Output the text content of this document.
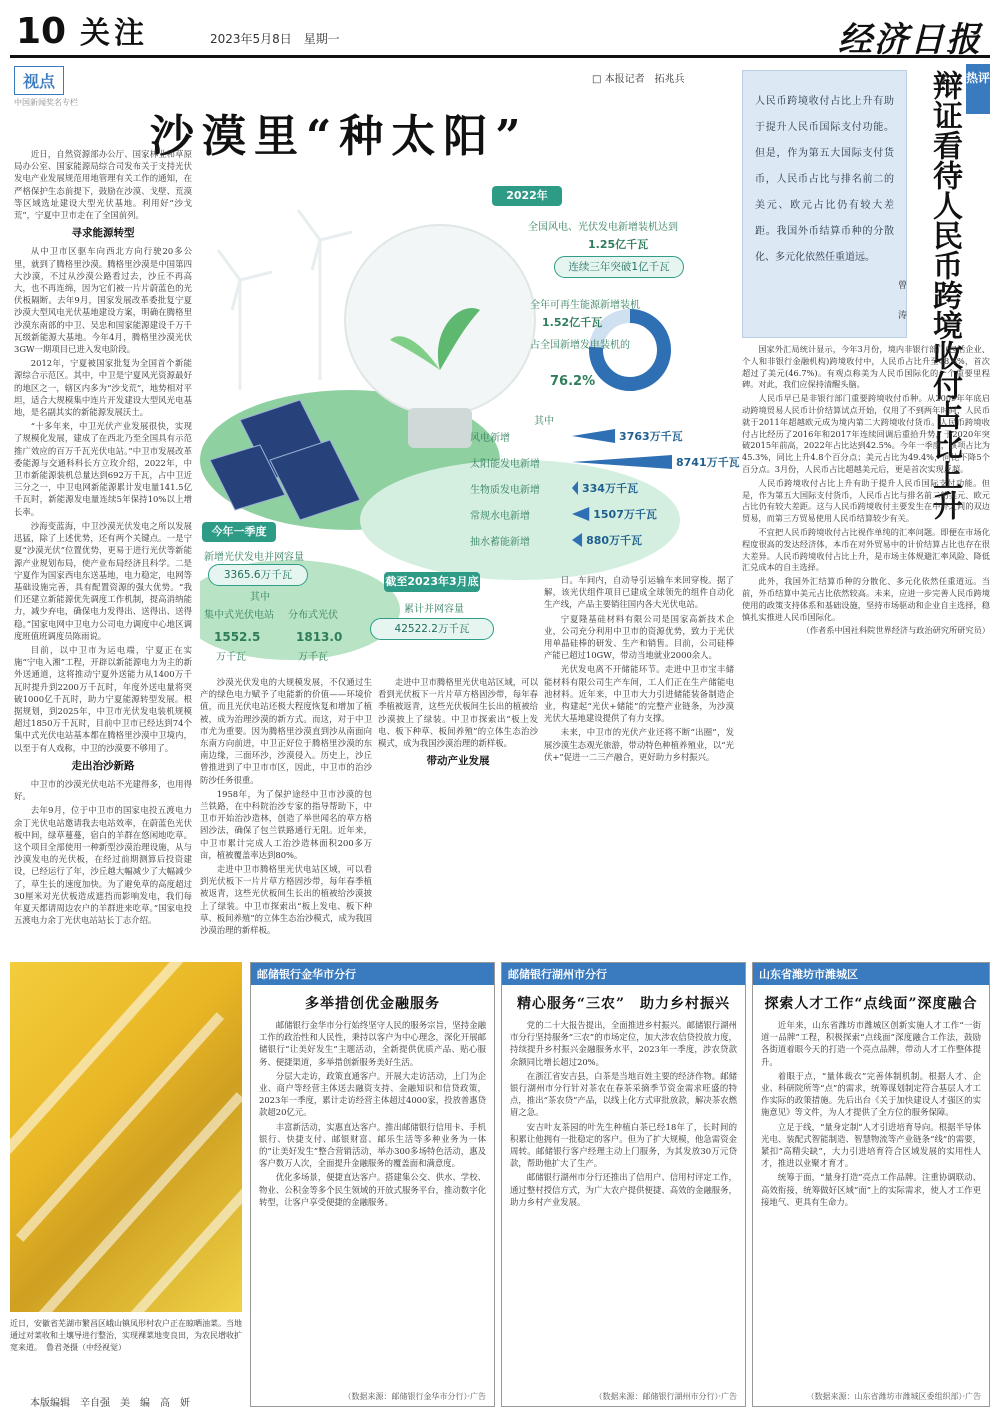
10 关注	2023年5月8日　星期一	经济日报
视点
中国新闻奖名专栏
□ 本报记者　拓兆兵
沙漠里“种太阳”

近日，自然资源部办公厅、国家林业和草原局办公室、国家能源局综合司发布关于支持光伏发电产业发展规范用地管理有关工作的通知，在严格保护生态前提下，鼓励在沙漠、戈壁、荒漠等区域选址建设大型光伏基地。利用好“沙戈荒”，宁夏中卫市走在了全国前列。

寻求能源转型

从中卫市区驱车向西北方向行驶20多公里，就到了腾格里沙漠。腾格里沙漠是中国第四大沙漠，不过从沙漠公路看过去，沙丘不再高大，也不再连绵，因为它们被一片片蔚蓝色的光伏板隔断。去年9月，国家发展改革委批复宁夏沙漠大型风电光伏基地建设方案，明确在腾格里沙漠东南部的中卫、吴忠和国家能源建设千万千瓦级新能源大基地。今年4月，腾格里沙漠光伏3GW一期项目已进入发电阶段。

2012年，宁夏被国家批复为全国首个新能源综合示范区。其中，中卫是宁夏风光资源最好的地区之一，辖区内多为“沙戈荒”，地势相对平坦，适合大规模集中连片开发建设大型风光电基地，是名副其实的新能源发展沃土。

“十多年来，中卫光伏产业发展很快，实现了规模化发展，建成了在西北乃至全国具有示范推广效应的百万千瓦光伏电站。”中卫市发展改革委能源与交通科科长方立玫介绍，2022年，中卫市新能源装机总量达到692万千瓦，占中卫近三分之一，中卫电网新能源累计发电量141.5亿千瓦时，新能源发电量连续5年保持10%以上增长率。

沙海变蓝海，中卫沙漠光伏发电之所以发展迅猛，除了上述优势，还有两个关键点。一是宁夏“沙漠光伏”位置优势，更易于进行光伏等新能源产业规划布局，使产业布局经济且科学。二是宁夏作为国家西电东送基地，电力稳定，电网等基础设施完善，具有配置资源的强大优势。“我们还建立新能源优先调度工作机制，提高消纳能力，减少弃电，确保电力发得出、送得出、送得稳。”国家电网中卫电力公司电力调度中心地区调度班值班调度员陈雨说。

目前，以中卫市为运电端，宁夏正在实施“宁电入湘”工程，开辟以新能源电力为主的新外送通道，这将推动宁夏外送能力从1400万千瓦时提升到2200万千瓦时，年度外送电量将突破1000亿千瓦时，助力宁夏能源转型发展。根据规划，到2025年，中卫市光伏发电装机规模超过1850万千瓦时，目前中卫市已经达到74个集中式光伏电站基本都在腾格里沙漠中卫境内，以至于有人戏称，中卫的沙漠要不够用了。

走出治沙新路

中卫市的沙漠光伏电站不光建得多，也用得好。

去年9月，位于中卫市的国家电投五渡电力余丁光伏电站邀请我去电站效率，在蔚蓝色光伏板中间，绿草蔓蔓，宿白的羊群在悠闲地吃草。这个项目全部使用一种新型沙漠治理设施，从与沙漠发电的光伏板，在经过前期测算后投资建设，已经运行了年，沙丘越大幅减少了大幅减少了，草生长的速度加快。为了避免草的高度超过30厘米对光伏板造成遮挡而影响发电，我们每年夏天都请周边农户的羊群进来吃草。”国家电投五渡电力余丁光伏电站站长丁志介绍。

2022年
全国风电、光伏发电新增装机达到
1.25亿千瓦
连续三年突破1亿千瓦
全年可再生能源新增装机
1.52亿千瓦
占全国新增发电装机的
76.2%
其中
风电新增	3763万千瓦
太阳能发电新增	8741万千瓦
生物质发电新增	334万千瓦
常规水电新增	1507万千瓦
抽水蓄能新增	880万千瓦
今年一季度
新增光伏发电并网容量
3365.6万千瓦
其中
集中式光伏电站 分布式光伏
1552.5	1813.0
万千瓦	万千瓦
截至2023年3月底
累计并网容量
42522.2万千瓦

沙漠光伏发电的大规模发展，不仅通过生产的绿色电力赋予了电能新的价值——环境价值，而且光伏电站还极大程度恢复和增加了植被，成为治理沙漠的新方式。而这，对于中卫市尤为重要。因为腾格里沙漠直到沙从南面向东南方向前进，中卫正好位于腾格里沙漠的东南边缘，三面环沙，沙漠侵入。历史上，沙丘曾推进到了中卫市市区，因此，中卫市的治沙防沙任务很重。

1958年，为了保护途经中卫市沙漠的包兰铁路，在中科院治沙专家的指导帮助下，中卫市开始治沙造林，创造了举世闻名的草方格固沙法，确保了包兰铁路通行无阻。近年来，中卫市累计完成人工治沙造林面积200多万亩，植被覆盖率达到80%。

走进中卫市腾格里光伏电站区域，可以看到光伏板下一片片草方格固沙带，每年春季植被返青，这些光伏板间生长出的植被给沙漠披上了绿装。中卫市探索出“板上发电、板下种草、板间养殖”的立体生态治沙模式，成为我国沙漠治理的新样板。

走进中卫市腾格里光伏电站区域，可以看到光伏板下一片片草方格固沙带，每年春季植被返青，这些光伏板间生长出的植被给沙漠披上了绿装。中卫市探索出“板上发电、板下种草、板间养殖”的立体生态治沙模式，成为我国沙漠治理的新样板。

带动产业发展

日。车间内，自动导引运输车来回穿梭。据了解，该光伏组件项目已建成全球领先的组件自动化生产线，产品主要销往国内各大光伏电站。

宁夏隆基硅材料有限公司是国家高新技术企业，公司充分利用中卫市的资源优势，致力于光伏用单晶硅棒的研发、生产和销售。目前，公司硅棒产能已超过10GW，带动当地就业2000余人。

光伏发电离不开储能环节。走进中卫市宝丰储能材料有限公司生产车间，工人们正在生产储能电池材料。近年来，中卫市大力引进储能装备制造企业，构建起“光伏+储能”的完整产业链条，为沙漠光伏大基地建设提供了有力支撑。

未来，中卫市的光伏产业还将不断“出圈”，发展沙漠生态观光旅游，带动特色种植养殖业，以“光伏+”促进一二三产融合，更好助力乡村振兴。

热评
辩证看待人民币跨境收付占比上升
人民币跨境收付占比上升有助于提升人民币国际支付功能。但是，作为第五大国际支付货币，人民币占比与排名前二的美元、欧元占比仍有较大差距。我国外币结算币种的分散化、多元化依然任重道远。
曾　涛

国家外汇局统计显示，今年3月份，境内非银行部门(包括企业、个人和非银行金融机构)跨境收付中，人民币占比升至48.6%，首次超过了美元(46.7%)。有观点称美为人民币国际化的一个重要里程碑。对此，我们应保持清醒头脑。

人民币早已是非银行部门重要跨境收付币种。从2009年年底启动跨境贸易人民币计价结算试点开始，仅用了不到两年时间，人民币就于2011年超越欧元成为境内第二大跨境收付货币。人民币跨境收付占比经历了2016年和2017年连续回调后重拾升势，于2020年突破2015年前高，2022年占比达到42.5%。今年一季度，该项占比为45.3%，同比上升4.8个百分点；美元占比为49.4%，同比下降5个百分点。3月份，人民币占比超越美元后，更是首次实现反超。

人民币跨境收付占比上升有助于提升人民币国际支付功能。但是，作为第五大国际支付货币，人民币占比与排名前二的美元、欧元占比仍有较大差距。这与人民币跨境收付主要发生在中外之间的双边贸易，而第三方贸易使用人民币结算较少有关。

不宜把人民币跨境收付占比视作单纯的汇率问题。即便在市场化程度很高的发达经济体，本币在对外贸易中的计价结算占比也存在很大差异。人民币跨境收付占比上升，是市场主体规避汇率风险、降低汇兑成本的自主选择。

此外，我国外汇结算币种的分散化、多元化依然任重道远。当前，外币结算中美元占比依然较高。未来，应进一步完善人民币跨境使用的政策支持体系和基础设施，坚持市场驱动和企业自主选择，稳慎扎实推进人民币国际化。

（作者系中国社科院世界经济与政治研究所研究员）

近日，安徽省芜湖市繁昌区峨山镇凤形村农户正在晾晒油菜。当地通过对菜收和土壤导进行整治，实现裸菜地变良田，为农民增收扩宽来道。　鲁君尧摄（中经视觉）
本版编辑　辛自强　美　编　高　妍
邮储银行金华市分行
多举措创优金融服务

邮储银行金华市分行始终坚守人民的服务宗旨，坚持金融工作的政治性和人民性，秉持以客户为中心理念，深化开展邮储银行“让美好发生”主题活动，全新提供优质产品、贴心服务、便捷渠道，多举措创新服务美好生活。

分层大走访，政策直通客户。开展大走访活动，上门为企业、商户等经营主体送去融资支持、金融知识和信贷政策，2023年一季度，累计走访经营主体超过4000家，投放普惠贷款超20亿元。

丰富新活动，实惠直达客户。推出邮储银行信用卡、手机银行、快捷支付、邮银财富、邮乐生活等多种业务为一体的“让美好发生”整合营销活动，举办300多场特色活动，惠及客户数万人次，全面提升金融服务的覆盖面和满意度。

优化多场景，便捷直达客户。搭建集公交、供水、学校、物业、公积金等多个民生领域的开放式服务平台，推动数字化转型，让客户享受便捷的金融服务。

（数据来源：邮储银行金华市分行）·广告
邮储银行湖州市分行
精心服务“三农”　助力乡村振兴

党的二十大报告提出，全面推进乡村振兴。邮储银行湖州市分行坚持服务“三农”的市场定位，加大涉农信贷投放力度，持续提升乡村振兴金融服务水平，2023年一季度，涉农贷款余额同比增长超过20%。

在浙江省安吉县，白茶是当地百姓主要的经济作物。邮储银行湖州市分行针对茶农在春茶采摘季节资金需求旺盛的特点，推出“茶农贷”产品，以线上化方式审批放款，解决茶农燃眉之急。

安吉叶友茶园的叶先生种植白茶已经18年了，长时间的积累让他拥有一批稳定的客户。但为了扩大规模，他急需资金周转。邮储银行客户经理主动上门服务，为其发放30万元贷款，帮助他扩大了生产。

邮储银行湖州市分行还推出了信用户、信用村评定工作，通过整村授信方式，为广大农户提供便捷、高效的金融服务，助力乡村产业发展。

（数据来源：邮储银行湖州市分行）·广告
山东省潍坊市潍城区
探索人才工作“点线面”深度融合

近年来，山东省潍坊市潍城区创新实施人才工作“一街道一品牌”工程，积极探索“点线面”深度融合工作法，鼓励各街道着眼今天的打造一个亮点品牌，带动人才工作整体提升。

着眼于点，“量体裁衣”完善体制机制。根据人才、企业、科研院所等“点”的需求，统筹谋划制定符合基层人才工作实际的政策措施。先后出台《关于加快建设人才强区的实施意见》等文件，为人才提供了全方位的服务保障。

立足于线，“量身定制”人才引进培育导向。根据半导体光电、装配式智能制造、智慧物流等产业链条“线”的需要，紧扣“高精尖缺”，大力引进培育符合区域发展的实用性人才，推进以业聚才育才。

统筹于面，“量身打造”亮点工作品牌。注重协调联动、高效衔接，统筹做好区域“面”上的实际需求，使人才工作更接地气、更具有生命力。

（数据来源：山东省潍坊市潍城区委组织部）·广告
